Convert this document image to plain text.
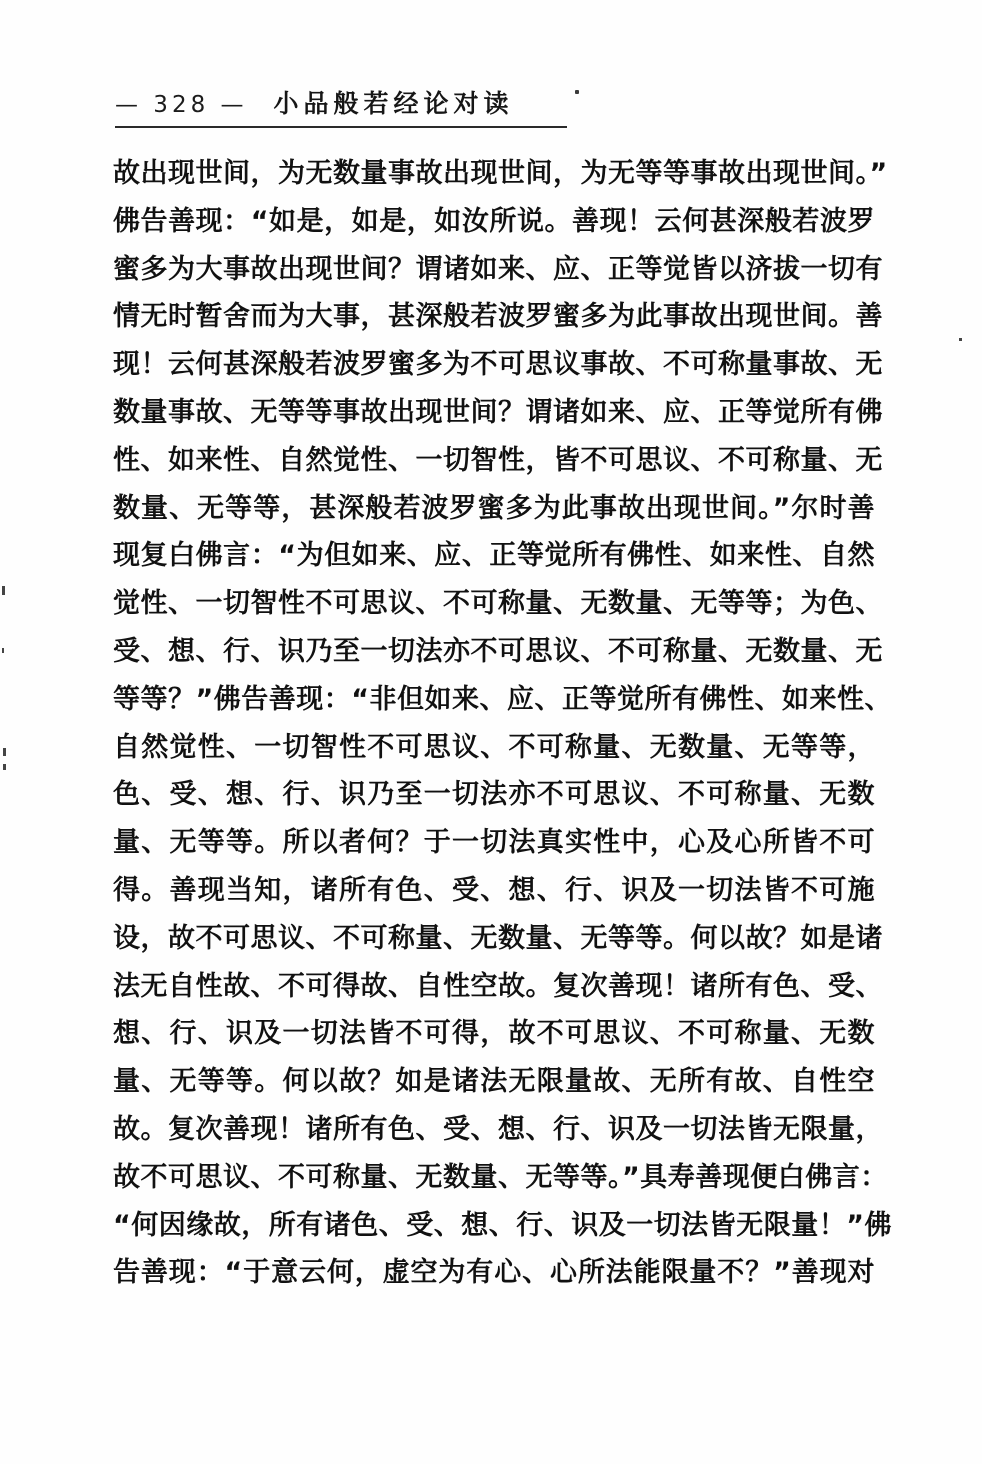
— 328 — 小品般若经论对读
故出现世间，为无数量事故出现世间，为无等等事故出现世间。”
佛告善现：“如是，如是，如汝所说。善现！云何甚深般若波罗
蜜多为大事故出现世间？谓诸如来、应、正等觉皆以济拔一切有
情无时暂舍而为大事，甚深般若波罗蜜多为此事故出现世间。善
现！云何甚深般若波罗蜜多为不可思议事故、不可称量事故、无
数量事故、无等等事故出现世间？谓诸如来、应、正等觉所有佛
性、如来性、自然觉性、一切智性，皆不可思议、不可称量、无
数量、无等等，甚深般若波罗蜜多为此事故出现世间。”尔时善
现复白佛言：“为但如来、应、正等觉所有佛性、如来性、自然
觉性、一切智性不可思议、不可称量、无数量、无等等；为色、
受、想、行、识乃至一切法亦不可思议、不可称量、无数量、无
等等？”佛告善现：“非但如来、应、正等觉所有佛性、如来性、
自然觉性、一切智性不可思议、不可称量、无数量、无等等，
色、受、想、行、识乃至一切法亦不可思议、不可称量、无数
量、无等等。所以者何？于一切法真实性中，心及心所皆不可
得。善现当知，诸所有色、受、想、行、识及一切法皆不可施
设，故不可思议、不可称量、无数量、无等等。何以故？如是诸
法无自性故、不可得故、自性空故。复次善现！诸所有色、受、
想、行、识及一切法皆不可得，故不可思议、不可称量、无数
量、无等等。何以故？如是诸法无限量故、无所有故、自性空
故。复次善现！诸所有色、受、想、行、识及一切法皆无限量，
故不可思议、不可称量、无数量、无等等。”具寿善现便白佛言：
“何因缘故，所有诸色、受、想、行、识及一切法皆无限量！”佛
告善现：“于意云何，虚空为有心、心所法能限量不？”善现对
